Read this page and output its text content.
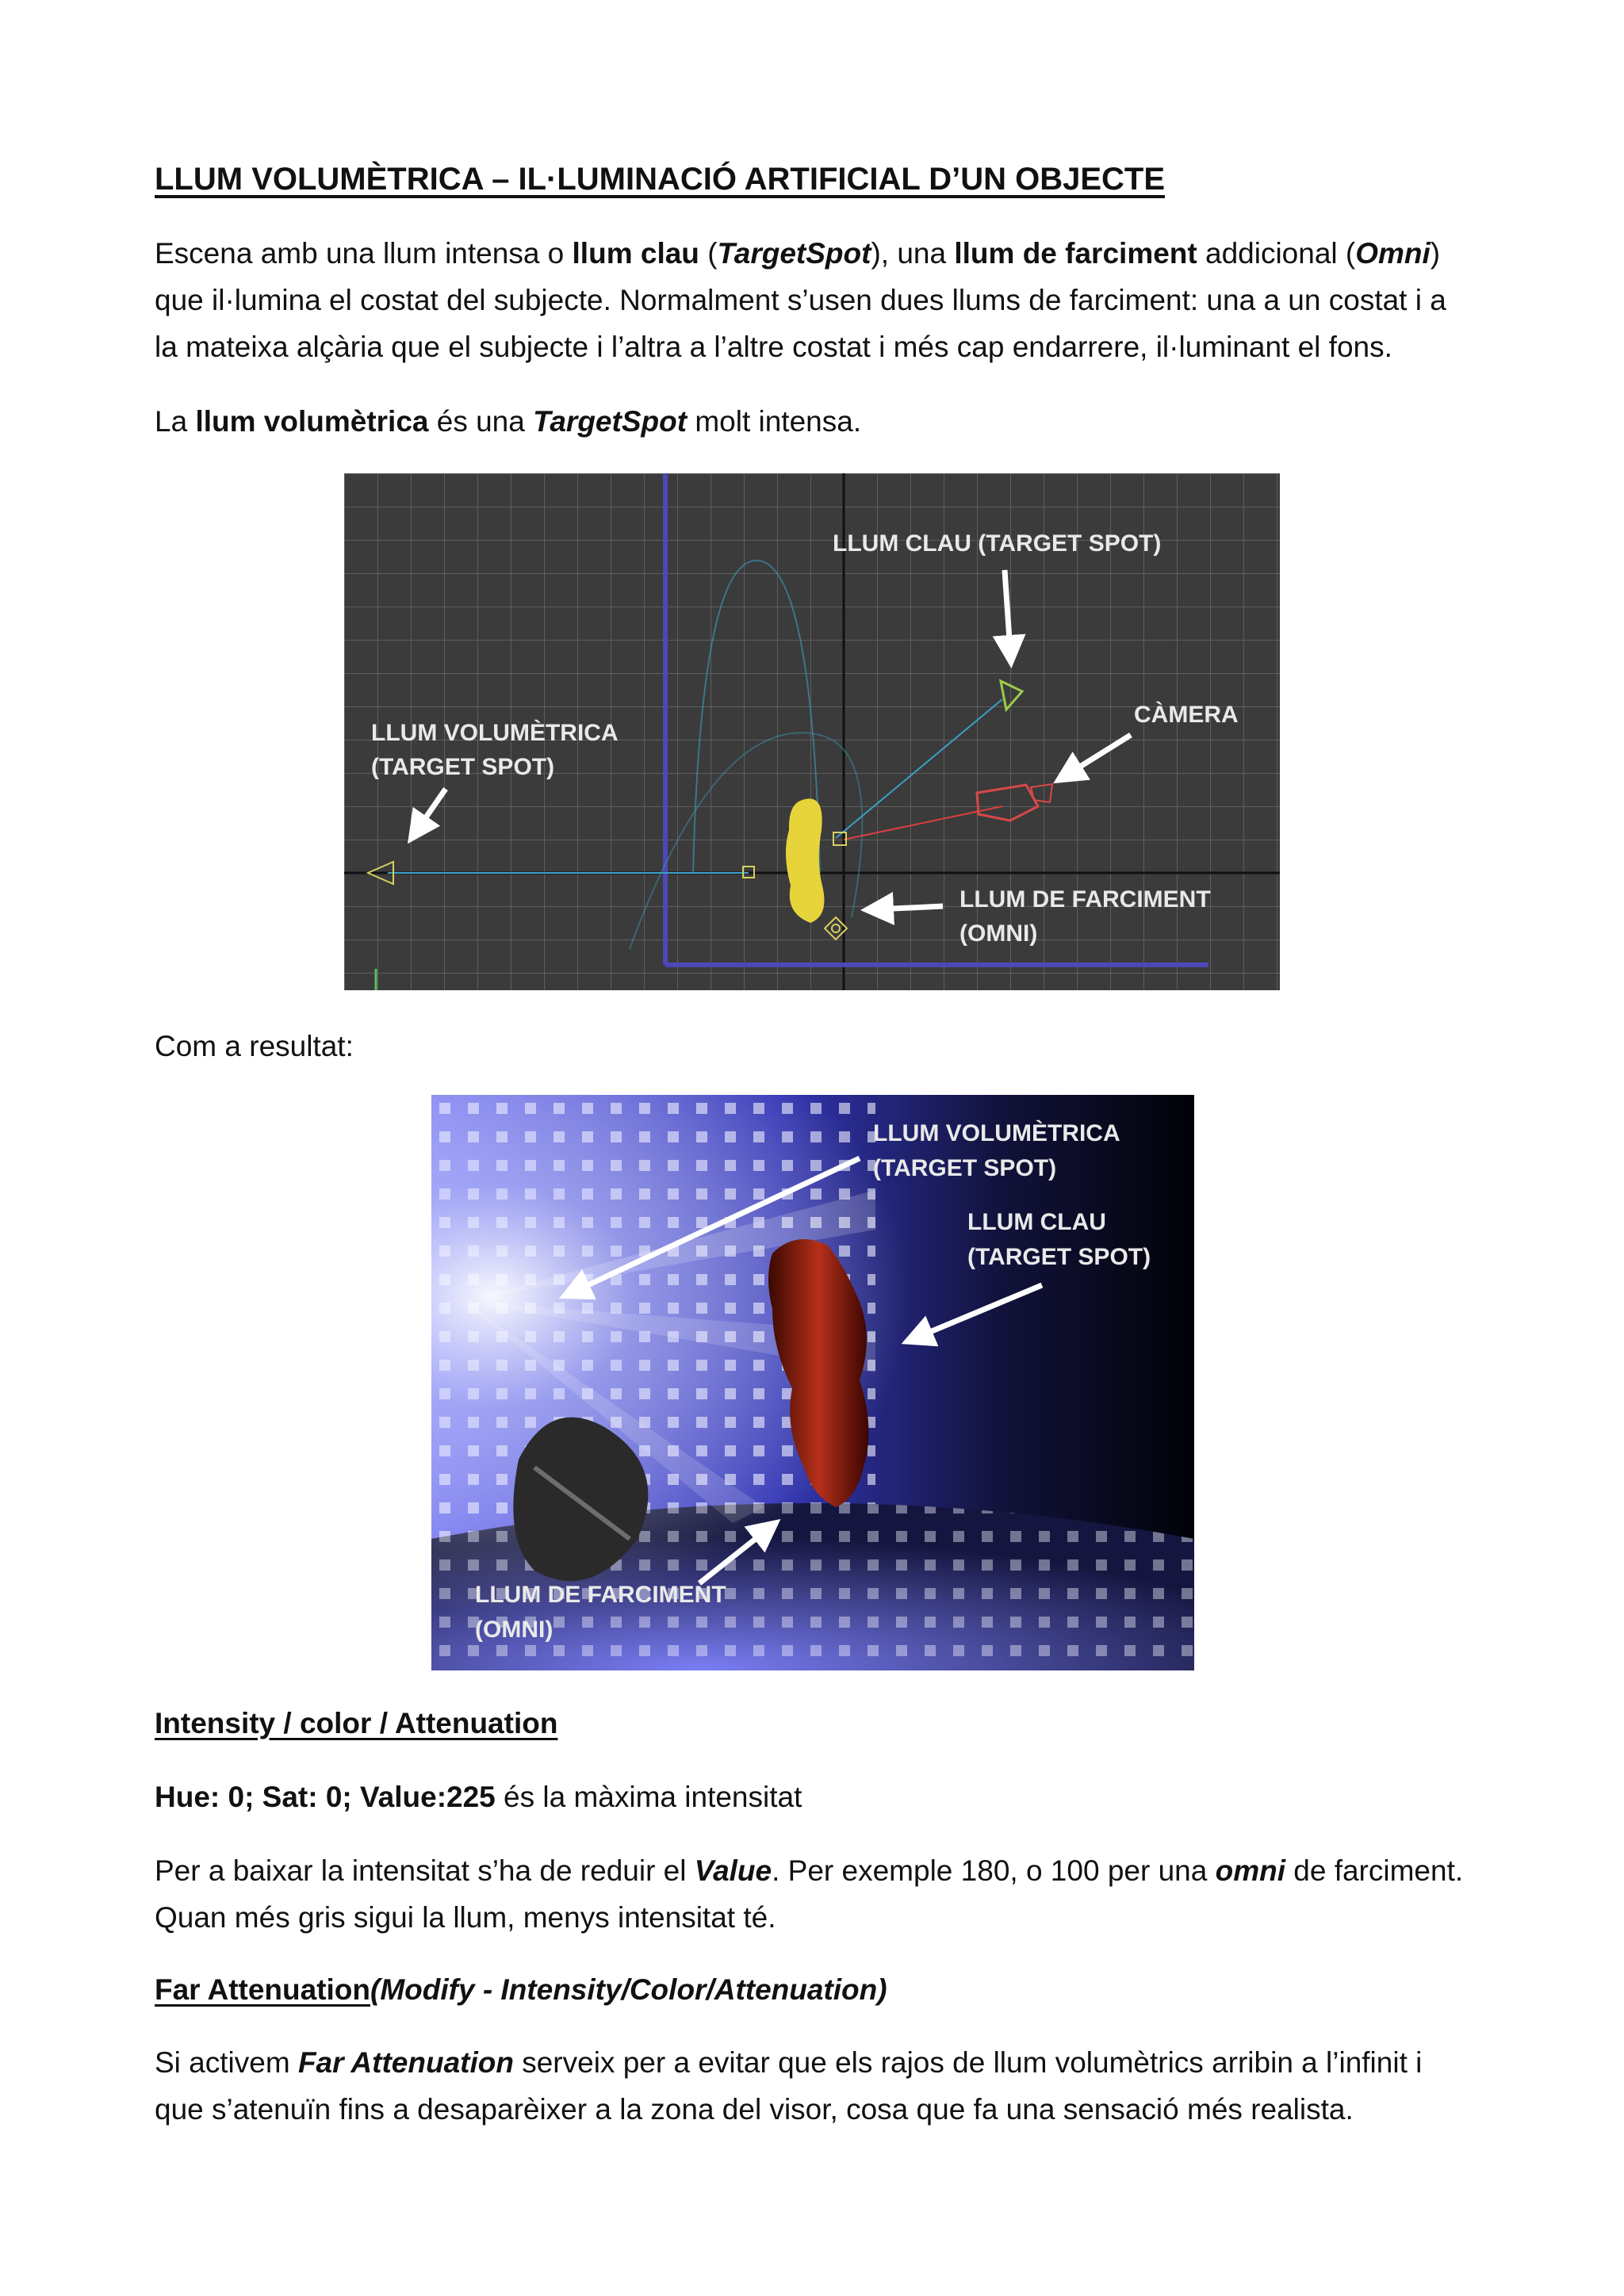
LLUM VOLUMÈTRICA – IL·LUMINACIÓ ARTIFICIAL D’UN OBJECTE

Escena amb una llum intensa o llum clau (TargetSpot), una llum de farciment addicional (Omni) que il·lumina el costat del subjecte. Normalment s’usen dues llums de farciment: una a un costat i a la mateixa alçària que el subjecte i l’altra a l’altre costat i més cap endarrere, il·luminant el fons.

La llum volumètrica és una TargetSpot molt intensa.

LLUM CLAU (TARGET SPOT)
CÀMERA
LLUM VOLUMÈTRICA
(TARGET SPOT)
LLUM DE FARCIMENT
(OMNI)

Com a resultat:

LLUM VOLUMÈTRICA
(TARGET SPOT)
LLUM CLAU
(TARGET SPOT)
LLUM DE FARCIMENT
(OMNI)
Intensity / color / Attenuation

Hue: 0; Sat: 0; Value:225 és la màxima intensitat

Per a baixar la intensitat s’ha de reduir el Value. Per exemple 180, o 100 per una omni de farciment. Quan més gris sigui la llum, menys intensitat té.

Far Attenuation(Modify - Intensity/Color/Attenuation)

Si activem Far Attenuation serveix per a evitar que els rajos de llum volumètrics arribin a l’infinit i que s’atenuïn fins a desaparèixer a la zona del visor, cosa que fa una sensació més realista.
